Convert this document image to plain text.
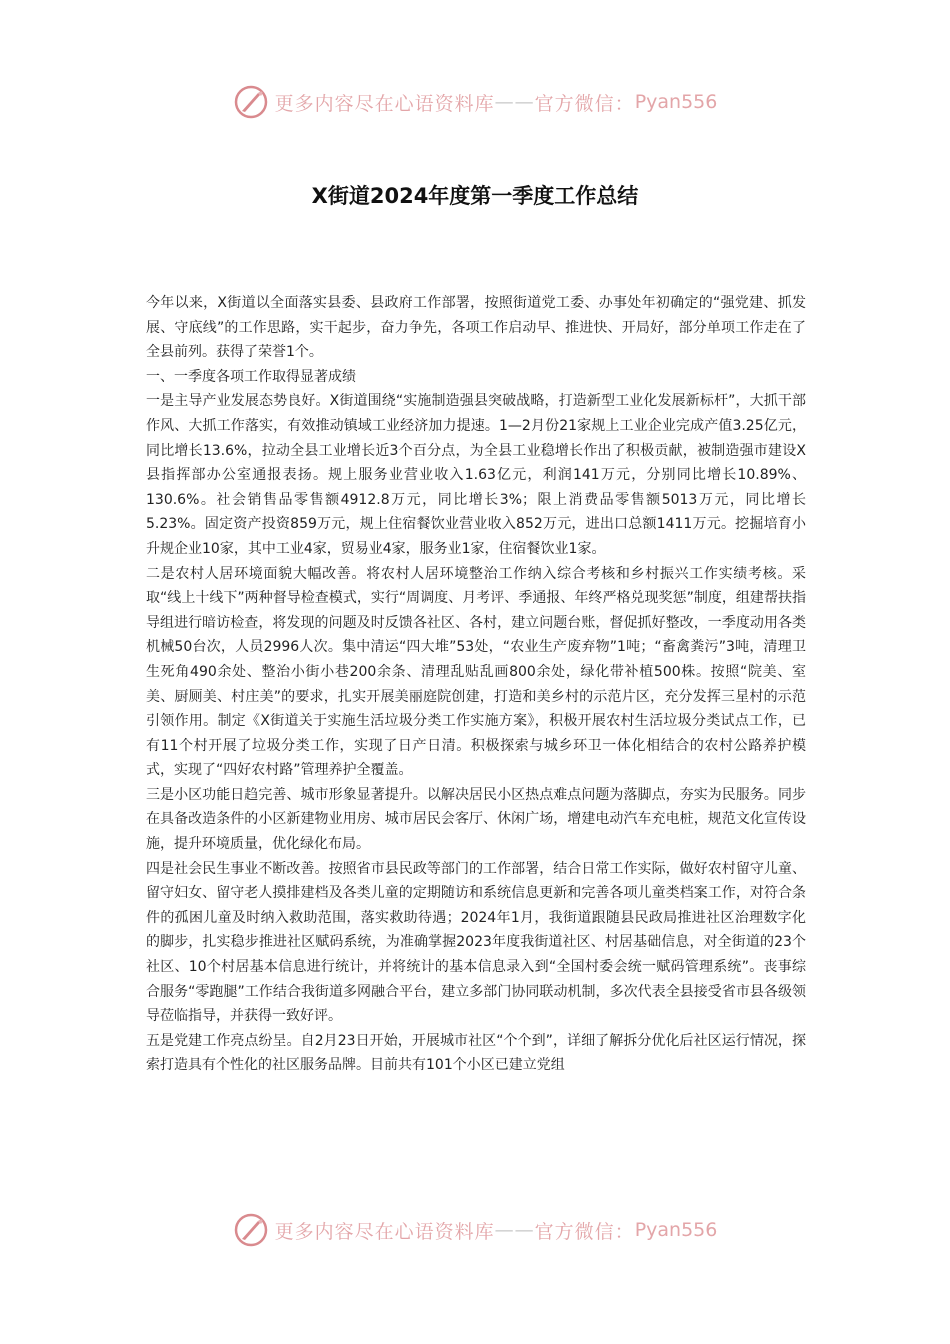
更多内容尽在心语资料库 —— 官方微信： Pyan556
X街道2024年度第一季度工作总结

今年以来，X街道以全面落实县委、县政府工作部署，按照街道党工委、办事处年初确定的“强党建、抓发展、守底线”的工作思路，实干起步，奋力争先，各项工作启动早、推进快、开局好，部分单项工作走在了全县前列。获得了荣誉1个。

一、一季度各项工作取得显著成绩

一是主导产业发展态势良好。X街道围绕“实施制造强县突破战略，打造新型工业化发展新标杆”，大抓干部作风、大抓工作落实，有效推动镇域工业经济加力提速。1—2月份21家规上工业企业完成产值3.25亿元，同比增长13.6%，拉动全县工业增长近3个百分点，为全县工业稳增长作出了积极贡献，被制造强市建设X县指挥部办公室通报表扬。规上服务业营业收入1.63亿元，利润141万元，分别同比增长10.89%、130.6%。社会销售品零售额4912.8万元，同比增长3%；限上消费品零售额5013万元，同比增长5.23%。固定资产投资859万元，规上住宿餐饮业营业收入852万元，进出口总额1411万元。挖掘培育小升规企业10家，其中工业4家，贸易业4家，服务业1家，住宿餐饮业1家。

二是农村人居环境面貌大幅改善。将农村人居环境整治工作纳入综合考核和乡村振兴工作实绩考核。采取“线上十线下”两种督导检查模式，实行“周调度、月考评、季通报、年终严格兑现奖惩”制度，组建帮扶指导组进行暗访检查，将发现的问题及时反馈各社区、各村，建立问题台账，督促抓好整改，一季度动用各类机械50台次，人员2996人次。集中清运“四大堆”53处，“农业生产废弃物”1吨；“畜禽粪污”3吨，清理卫生死角490余处、整治小街小巷200余条、清理乱贴乱画800余处，绿化带补植500株。按照“院美、室美、厨厕美、村庄美”的要求，扎实开展美丽庭院创建，打造和美乡村的示范片区，充分发挥三星村的示范引领作用。制定《X街道关于实施生活垃圾分类工作实施方案》，积极开展农村生活垃圾分类试点工作，已有11个村开展了垃圾分类工作，实现了日产日清。积极探索与城乡环卫一体化相结合的农村公路养护模式，实现了“四好农村路”管理养护全覆盖。

三是小区功能日趋完善、城市形象显著提升。以解决居民小区热点难点问题为落脚点，夯实为民服务。同步在具备改造条件的小区新建物业用房、城市居民会客厅、休闲广场，增建电动汽车充电桩，规范文化宣传设施，提升环境质量，优化绿化布局。

四是社会民生事业不断改善。按照省市县民政等部门的工作部署，结合日常工作实际，做好农村留守儿童、留守妇女、留守老人摸排建档及各类儿童的定期随访和系统信息更新和完善各项儿童类档案工作，对符合条件的孤困儿童及时纳入救助范围，落实救助待遇；2024年1月，我街道跟随县民政局推进社区治理数字化的脚步，扎实稳步推进社区赋码系统，为准确掌握2023年度我街道社区、村居基础信息，对全街道的23个社区、10个村居基本信息进行统计，并将统计的基本信息录入到“全国村委会统一赋码管理系统”。丧事综合服务“零跑腿”工作结合我街道多网融合平台，建立多部门协同联动机制，多次代表全县接受省市县各级领导莅临指导，并获得一致好评。

五是党建工作亮点纷呈。自2月23日开始，开展城市社区“个个到”，详细了解拆分优化后社区运行情况，探索打造具有个性化的社区服务品牌。目前共有101个小区已建立党组

更多内容尽在心语资料库 —— 官方微信： Pyan556
